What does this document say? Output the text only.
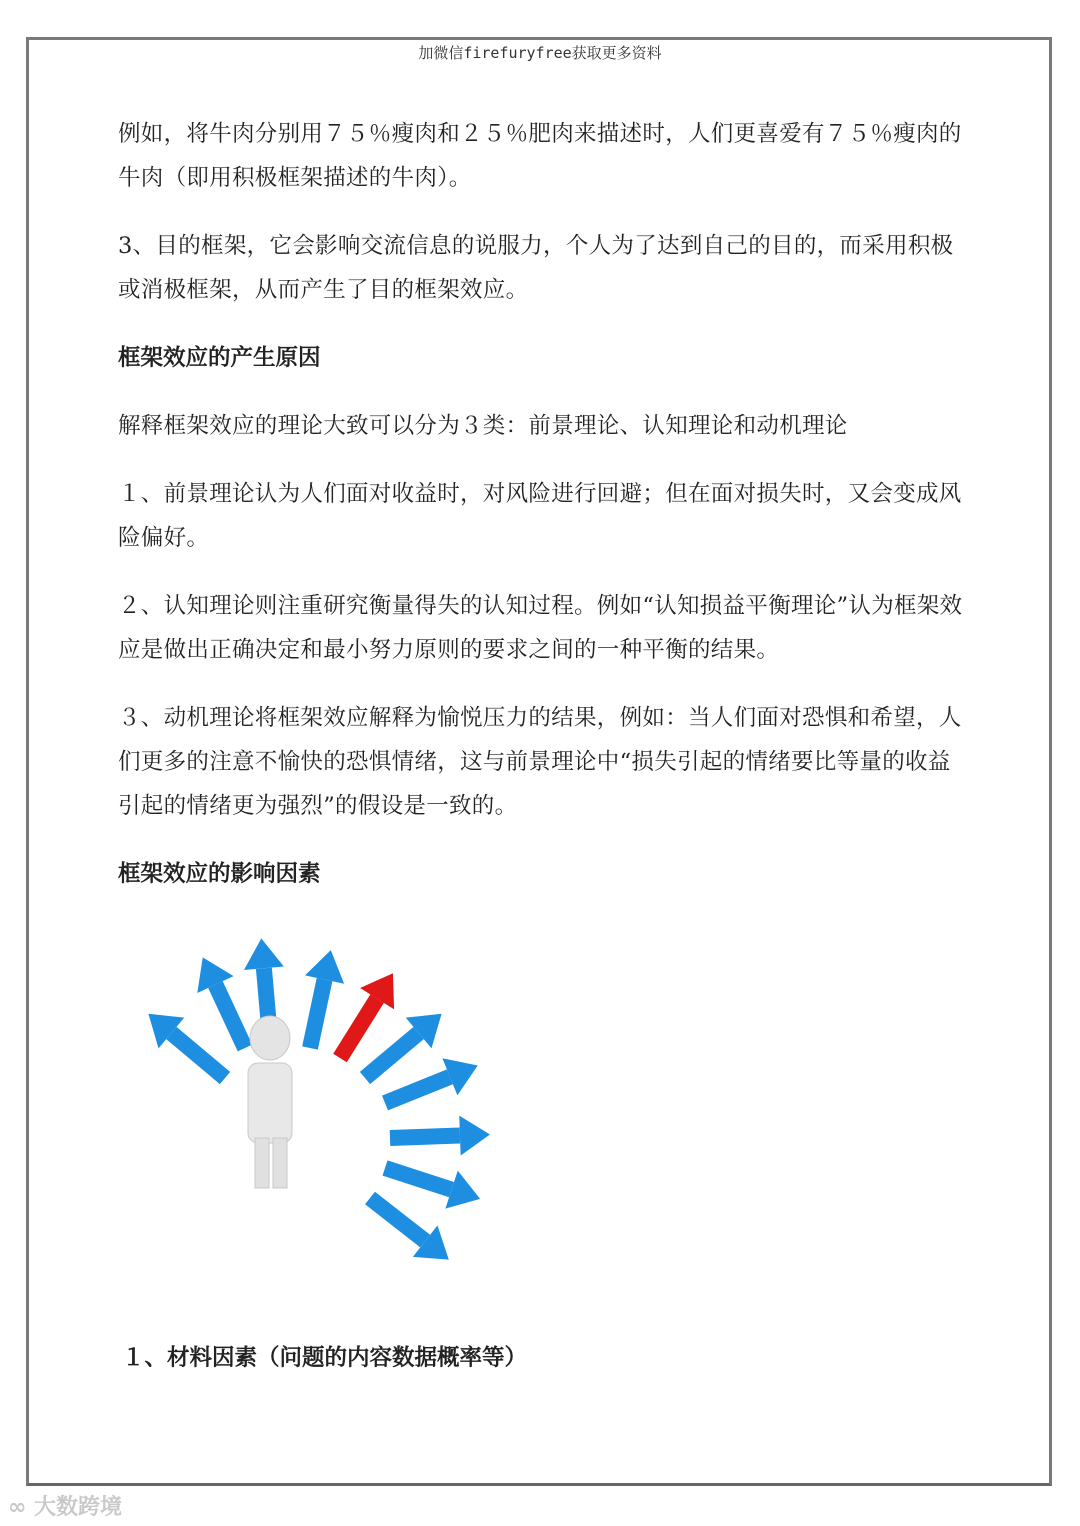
加微信firefuryfree获取更多资料

例如，将牛肉分别用７５％瘦肉和２５％肥肉来描述时，人们更喜爱有７５％瘦肉的牛肉（即用积极框架描述的牛肉）。

3、目的框架，它会影响交流信息的说服力，个人为了达到自己的目的，而采用积极或消极框架，从而产生了目的框架效应。

框架效应的产生原因

解释框架效应的理论大致可以分为３类：前景理论、认知理论和动机理论

１、前景理论认为人们面对收益时，对风险进行回避；但在面对损失时，又会变成风险偏好。

２、认知理论则注重研究衡量得失的认知过程。例如“认知损益平衡理论”认为框架效应是做出正确决定和最小努力原则的要求之间的一种平衡的结果。

３、动机理论将框架效应解释为愉悦压力的结果，例如：当人们面对恐惧和希望，人们更多的注意不愉快的恐惧情绪，这与前景理论中“损失引起的情绪要比等量的收益引起的情绪更为强烈”的假设是一致的。

框架效应的影响因素
１、材料因素（问题的内容数据概率等）
∞ 大数跨境
